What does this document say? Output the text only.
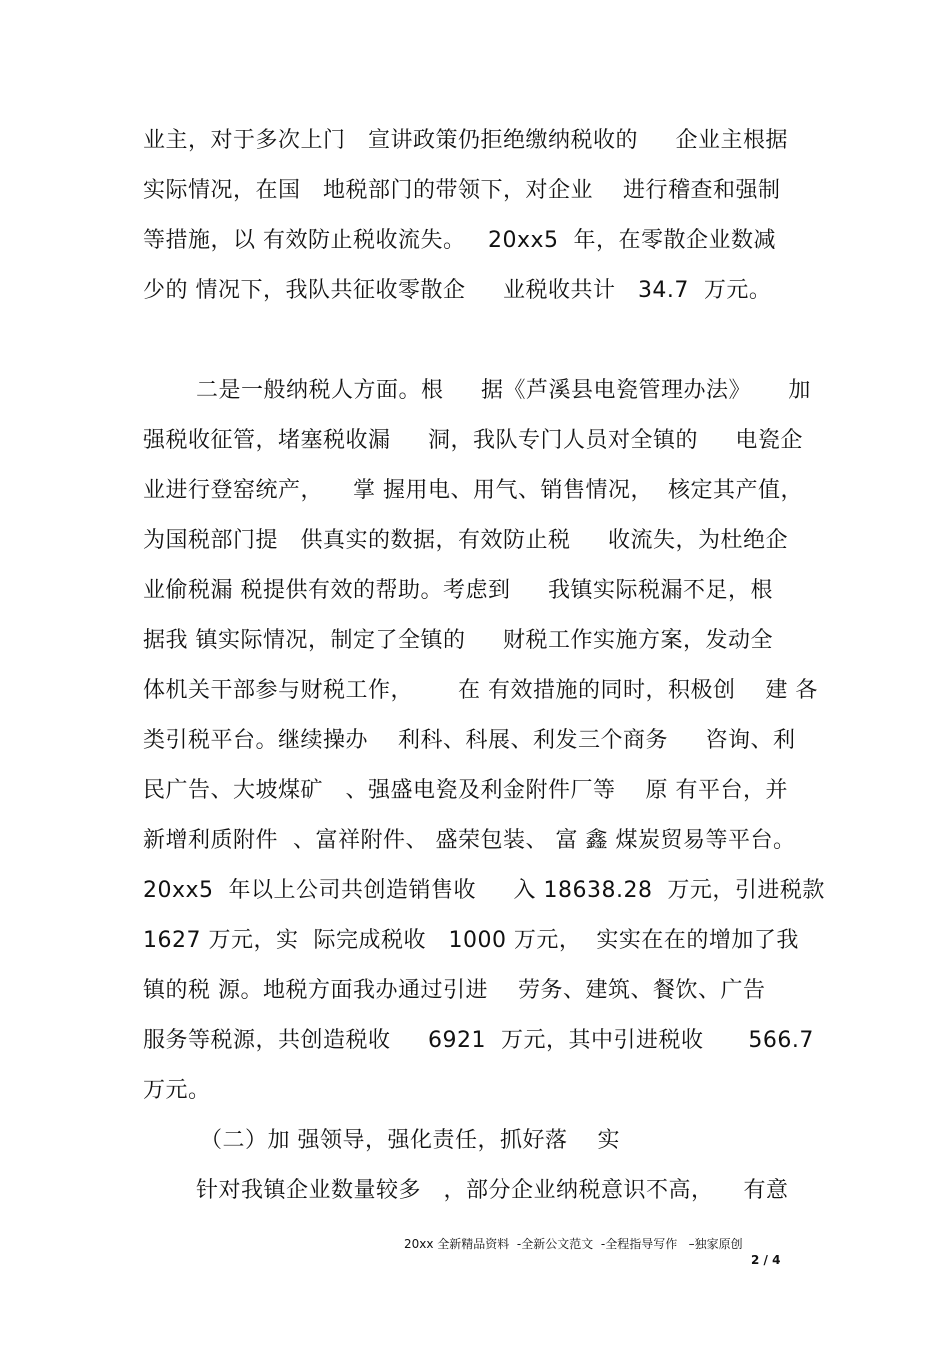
业主，对于多次上门   宣讲政策仍拒绝缴纳税收的     企业主根据

实际情况，在国   地税部门的带领下，对企业    进行稽查和强制

等措施，以 有效防止税收流失。   20xx5  年，在零散企业数减

少的 情况下，我队共征收零散企     业税收共计   34.7  万元。

二是一般纳税人方面。根     据《芦溪县电瓷管理办法》     加

强税收征管，堵塞税收漏     洞，我队专门人员对全镇的     电瓷企

业进行登窑统产，    掌 握用电、用气、销售情况，  核定其产值，

为国税部门提   供真实的数据，有效防止税     收流失，为杜绝企

业偷税漏 税提供有效的帮助。考虑到     我镇实际税漏不足，根

据我 镇实际情况，制定了全镇的     财税工作实施方案，发动全

体机关干部参与财税工作，      在 有效措施的同时，积极创    建 各

类引税平台。继续操办    利科、科展、利发三个商务     咨询、利

民广告、大坡煤矿   、强盛电瓷及利金附件厂等    原 有平台，并

新增利质附件  、富祥附件、 盛荣包装、 富 鑫 煤炭贸易等平台。

20xx5  年以上公司共创造销售收     入 18638.28  万元，引进税款

1627 万元，实  际完成税收   1000 万元，  实实在在的增加了我

镇的税 源。地税方面我办通过引进    劳务、建筑、餐饮、广告

服务等税源，共创造税收     6921  万元，其中引进税收      566.7

万元。

（二）加 强领导，强化责任，抓好落    实

针对我镇企业数量较多   ，部分企业纳税意识不高，    有意

20xx 全新精品资料  -全新公文范文  -全程指导写作   –独家原创
2 / 4
